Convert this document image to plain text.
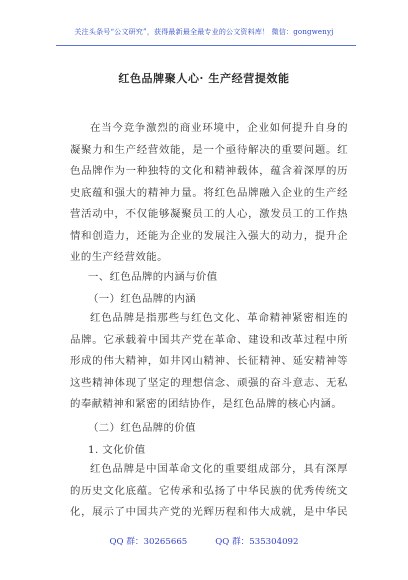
关注头条号“公文研究”，获得最新最全最专业的公文资料库！ 微信：gongwenyj
红色品牌聚人心· 生产经营提效能
在当今竞争激烈的商业环境中，企业如何提升自身的
凝聚力和生产经营效能，是一个亟待解决的重要问题。红
色品牌作为一种独特的文化和精神载体，蕴含着深厚的历
史底蕴和强大的精神力量。将红色品牌融入企业的生产经
营活动中，不仅能够凝聚员工的人心，激发员工的工作热
情和创造力，还能为企业的发展注入强大的动力，提升企
业的生产经营效能。
一、红色品牌的内涵与价值
（一）红色品牌的内涵
红色品牌是指那些与红色文化、革命精神紧密相连的
品牌。它承载着中国共产党在革命、建设和改革过程中所
形成的伟大精神，如井冈山精神、长征精神、延安精神等
这些精神体现了坚定的理想信念、顽强的奋斗意志、无私
的奉献精神和紧密的团结协作，是红色品牌的核心内涵。
（二）红色品牌的价值
1. 文化价值
红色品牌是中国革命文化的重要组成部分，具有深厚
的历史文化底蕴。它传承和弘扬了中华民族的优秀传统文
化，展示了中国共产党的光辉历程和伟大成就，是中华民
QQ 群：30265665	QQ 群：535304092
